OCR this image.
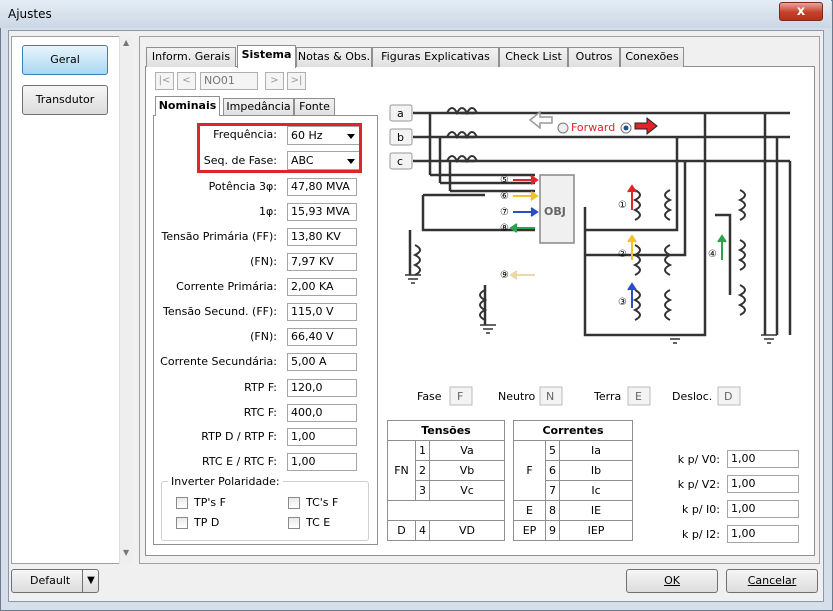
Ajustes	x
▲
▼
Geral
Transdutor
Inform. Gerais	Sistema Notas & Obs.	Figuras Explicativas	Check List	Outros	Conexões
|<	<	NO01	>	>|
Nominais Impedância Fonte
Frequência:	60 Hz
Seq. de Fase:	ABC
Potência 3φ:	47,80 MVA
1φ:	15,93 MVA
Tensão Primária (FF):	13,80 KV
(FN):	7,97 KV
Corrente Primária:	2,00 KA
Tensão Secund. (FF):	115,0 V
(FN):	66,40 V
Corrente Secundária:	5,00 A
RTP F:	120,0
RTC F:	400,0
RTP D / RTP F:	1,00
RTC E / RTC F:	1,00
Inverter Polaridade:
TP's F	TC's F
TP D	TC E
a
b
c
OBJ
Forward
⑤
⑥
⑦
⑧
⑨
①
②
③
④
Fase F	Neutro N	Terra E	Desloc. D
Tensões		
FN	1	Va
	2	Vb
	3	Vc

D	4	VD
Correntes		
F	5	Ia
	6	Ib
	7	Ic
E	8	IE
EP	9	IEP
k p/ V0:	1,00
k p/ V2:	1,00
k p/ I0:	1,00
k p/ I2:	1,00
Default	▼	OK	Cancelar
